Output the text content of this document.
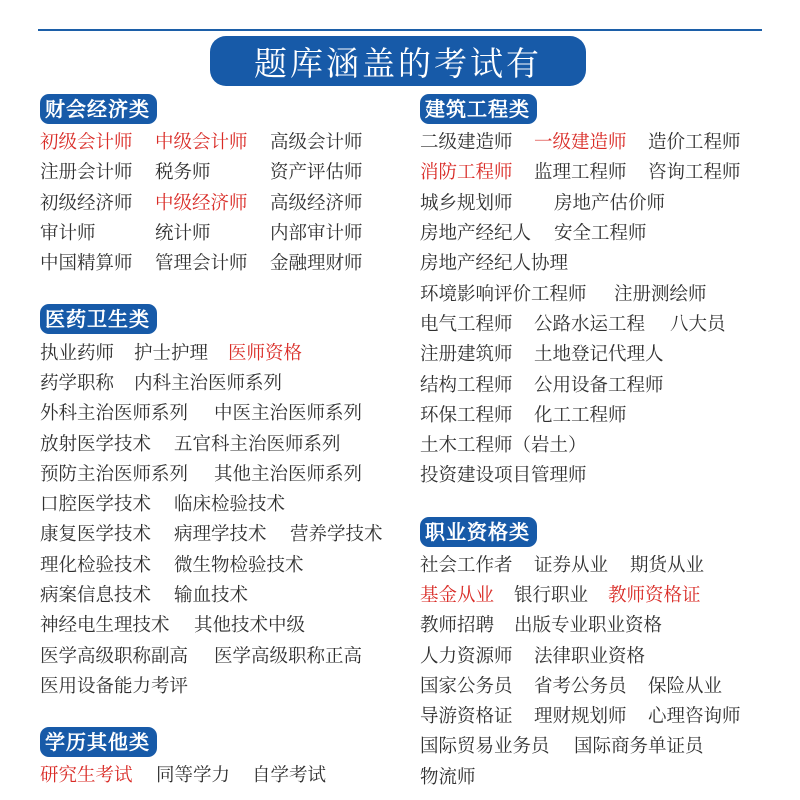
题库涵盖的考试有
财会经济类
初级会计师	中级会计师	高级会计师
注册会计师	税务师	资产评估师
初级经济师	中级经济师	高级经济师
审计师	统计师	内部审计师
中国精算师	管理会计师	金融理财师
医药卫生类
执业药师	护士护理	医师资格
药学职称	内科主治医师系列
外科主治医师系列	中医主治医师系列
放射医学技术	五官科主治医师系列
预防主治医师系列	其他主治医师系列
口腔医学技术	临床检验技术
康复医学技术	病理学技术	营养学技术
理化检验技术	微生物检验技术
病案信息技术	输血技术
神经电生理技术	其他技术中级
医学高级职称副高	医学高级职称正高
医用设备能力考评
学历其他类
研究生考试	同等学力	自学考试
建筑工程类
二级建造师	一级建造师	造价工程师
消防工程师	监理工程师	咨询工程师
城乡规划师	房地产估价师
房地产经纪人	安全工程师
房地产经纪人协理
环境影响评价工程师	注册测绘师
电气工程师	公路水运工程	八大员
注册建筑师	土地登记代理人
结构工程师	公用设备工程师
环保工程师	化工工程师
土木工程师（岩土）
投资建设项目管理师
职业资格类
社会工作者	证券从业	期货从业
基金从业	银行职业	教师资格证
教师招聘	出版专业职业资格
人力资源师	法律职业资格
国家公务员	省考公务员	保险从业
导游资格证	理财规划师	心理咨询师
国际贸易业务员	国际商务单证员
物流师
